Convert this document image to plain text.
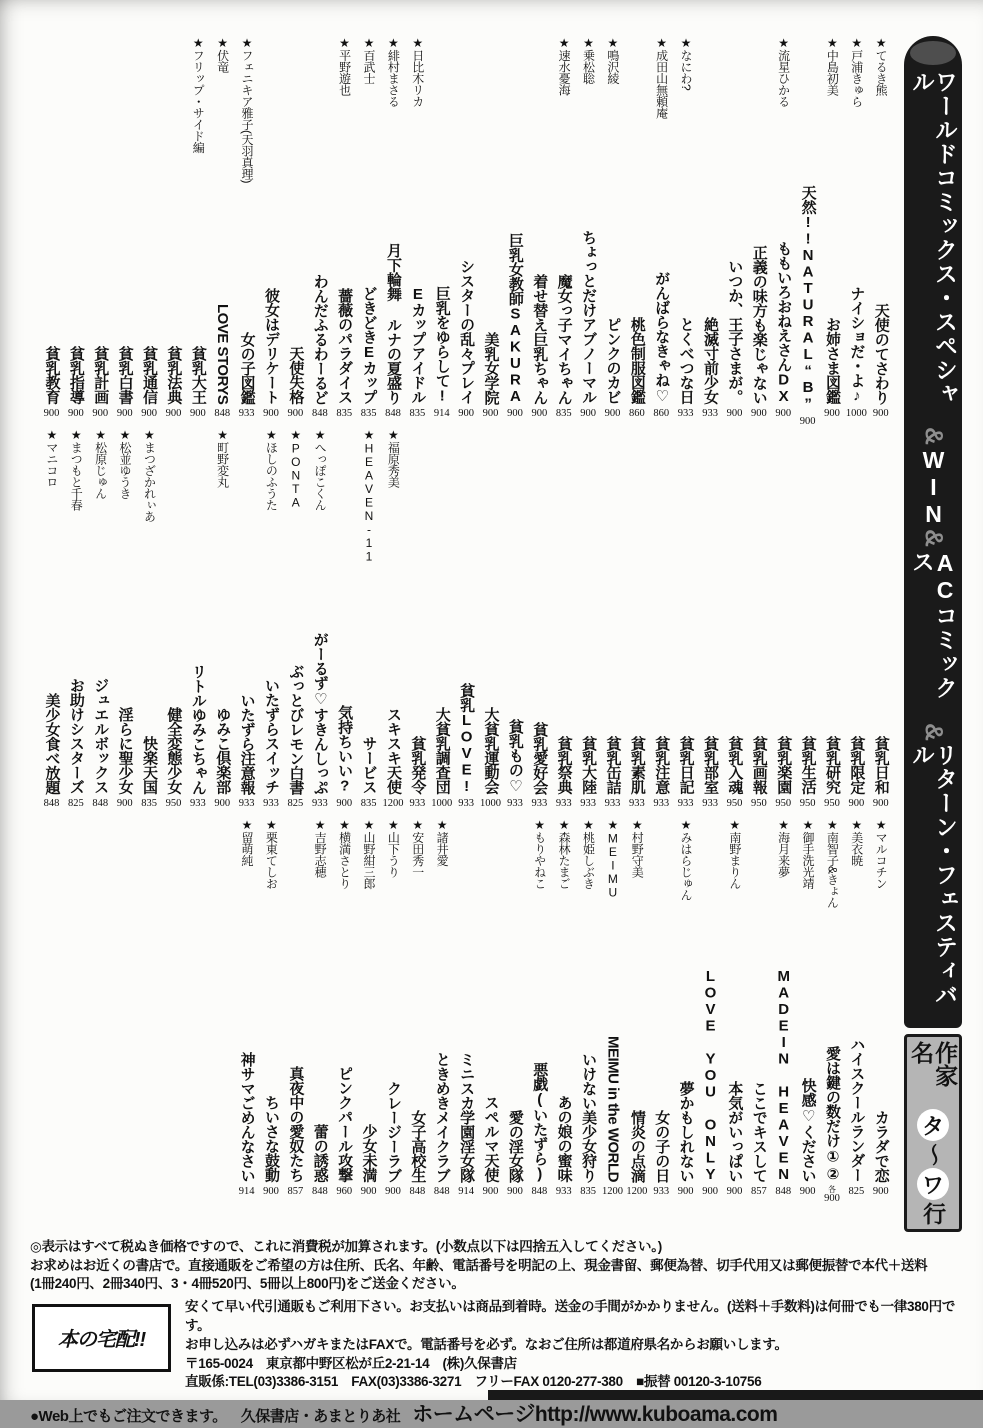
★てるき熊
天使のてさわり
900
★戸浦きゅら
ナイショだ・よ♪
1000
★中島初美
お姉さま図鑑
900
天然!!NATURAL“B”
900
★流星ひかる
ももいろおねえさんDX
900
正義の味方も楽じゃない
900
いつか、王子さまが。
900
絶滅寸前少女
933
★なにわ?
とくべつな日
933
★成田山無頼庵
がんばらなきゃね♡
860
桃色制服図鑑
860
★鳴沢綾
ピンクのカビ
900
★乗松聡
ちょっとだけアブノーマル
900
★速水憂海
魔女っ子マイちゃん
835
着せ替え巨乳ちゃん
900
巨乳女教師SAKURA
900
美乳女学院
900
シスターの乱々プレイ
900
巨乳をゆらして!
914
★日比木リカ
Eカップアイドル
835
★緋村まさる
月下輪舞 ルナの夏盛り
848
★福原秀美
★百武士
どきどきEカップ
835
★HEAVEN-11
★平野遊也
薔薇のパラダイス
835
わんだふるわーるど
848
★へっぽこくん
天使失格
900
★PONTA
彼女はデリケート
900
★ほしのふうた
★フェニキア雅子(天羽真理)
女の子図鑑
933
★伏竜
LOVE STORYS
848
★町野変丸
★フリップ・サイド編
貧乳大王
900
貧乳法典
900
貧乳通信
900
★まつざかれぃあ
貧乳白書
900
★松並ゆうき
貧乳計画
900
★松原じゅん
貧乳指導
900
★まつもと千春
貧乳教育
900
★マニコロ
貧乳日和
900
★マルコチン
貧乳限定
900
★美衣暁
貧乳研究
950
★南智子&きょん
貧乳生活
950
★御手洗光靖
貧乳楽園
950
★海月来夢
貧乳画報
950
貧乳入魂
950
★南野まりん
貧乳部室
933
貧乳日記
933
★みはらじゅん
貧乳注意
933
貧乳素肌
933
★村野守美
貧乳缶詰
933
★MEIMU
貧乳大陸
933
★桃姫しぶき
貧乳祭典
933
★森林たまご
貧乳愛好会
933
★もりやねこ
貧乳もの♡
933
大貧乳運動会
1000
貧乳LOVE!
933
大貧乳調査団
1000
★諸井愛
貧乳発令
933
★安田秀一
スキスキ天使
1200
★山下うり
サービス
835
★山野紺三郎
気持ちいい?
900
★横満さとり
がーるず♡すきんしっぷ
933
★吉野志穂
ぶっとびレモン白書
825
いたずらスイッチ
933
★栗東てしお
いたずら注意報
933
★留萌純
ゆみこ倶楽部
900
リトルゆみこちゃん
933
健全変態少女
950
快楽天国
835
淫らに聖少女
900
ジュエルボックス
848
お助けシスターズ
825
美少女食べ放題
848
カラダで恋
900
ハイスクールランダー
825
愛は鍵の数だけ①②
各
900
快感♡ください
900
MADEIN HEAVEN
848
ここでキスして
857
本気がいっぱい
900
LOVE YOU ONLY
900
夢かもしれない
900
女の子の日
933
情炎の点滴
1200
MEIMU in the WORLD
1200
いけない美少女狩り
835
あの娘の蜜味
933
悪戯(いたずら)
848
愛の淫女隊
900
スペルマ天使
900
ミニスカ学園淫女隊
914
ときめきメイクラブ
848
女子高校生
848
クレージーラブ
900
少女未満
900
ピンクパール攻撃
960
蕾の誘惑
848
真夜中の愛奴たち
857
ちいさな鼓動
900
神サマごめんなさい
914
ワールドコミックス・スペシャル
&
WIN
&
ACコミックス
&
リターン・フェスティバル
作家名
タ
〜
ワ
行
◎表示はすべて税ぬき価格ですので、これに消費税が加算されます。(小数点以下は四捨五入してください。)
お求めはお近くの書店で。直接通販をご希望の方は住所、氏名、年齢、電話番号を明記の上、現金書留、郵便為替、切手代用又は郵便振替で本代＋送料
(1冊240円、2冊340円、3・4冊520円、5冊以上800円)をご送金ください。
本の宅配!!
安くて早い代引通販もご利用下さい。お支払いは商品到着時。送金の手間がかかりません。(送料＋手数料)は何冊でも一律380円です。
お申し込みは必ずハガキまたはFAXで。電話番号を必ず。なおご住所は都道府県名からお願いします。
〒165-0024　東京都中野区松が丘2-21-14　(株)久保書店
直販係:TEL(03)3386-3151　FAX(03)3386-3271　フリーFAX 0120-277-380　■振替 00120-3-10756
●Web上でもご注文できます。 久保書店・あまとりあ社 ホームページhttp://www.kuboama.com
